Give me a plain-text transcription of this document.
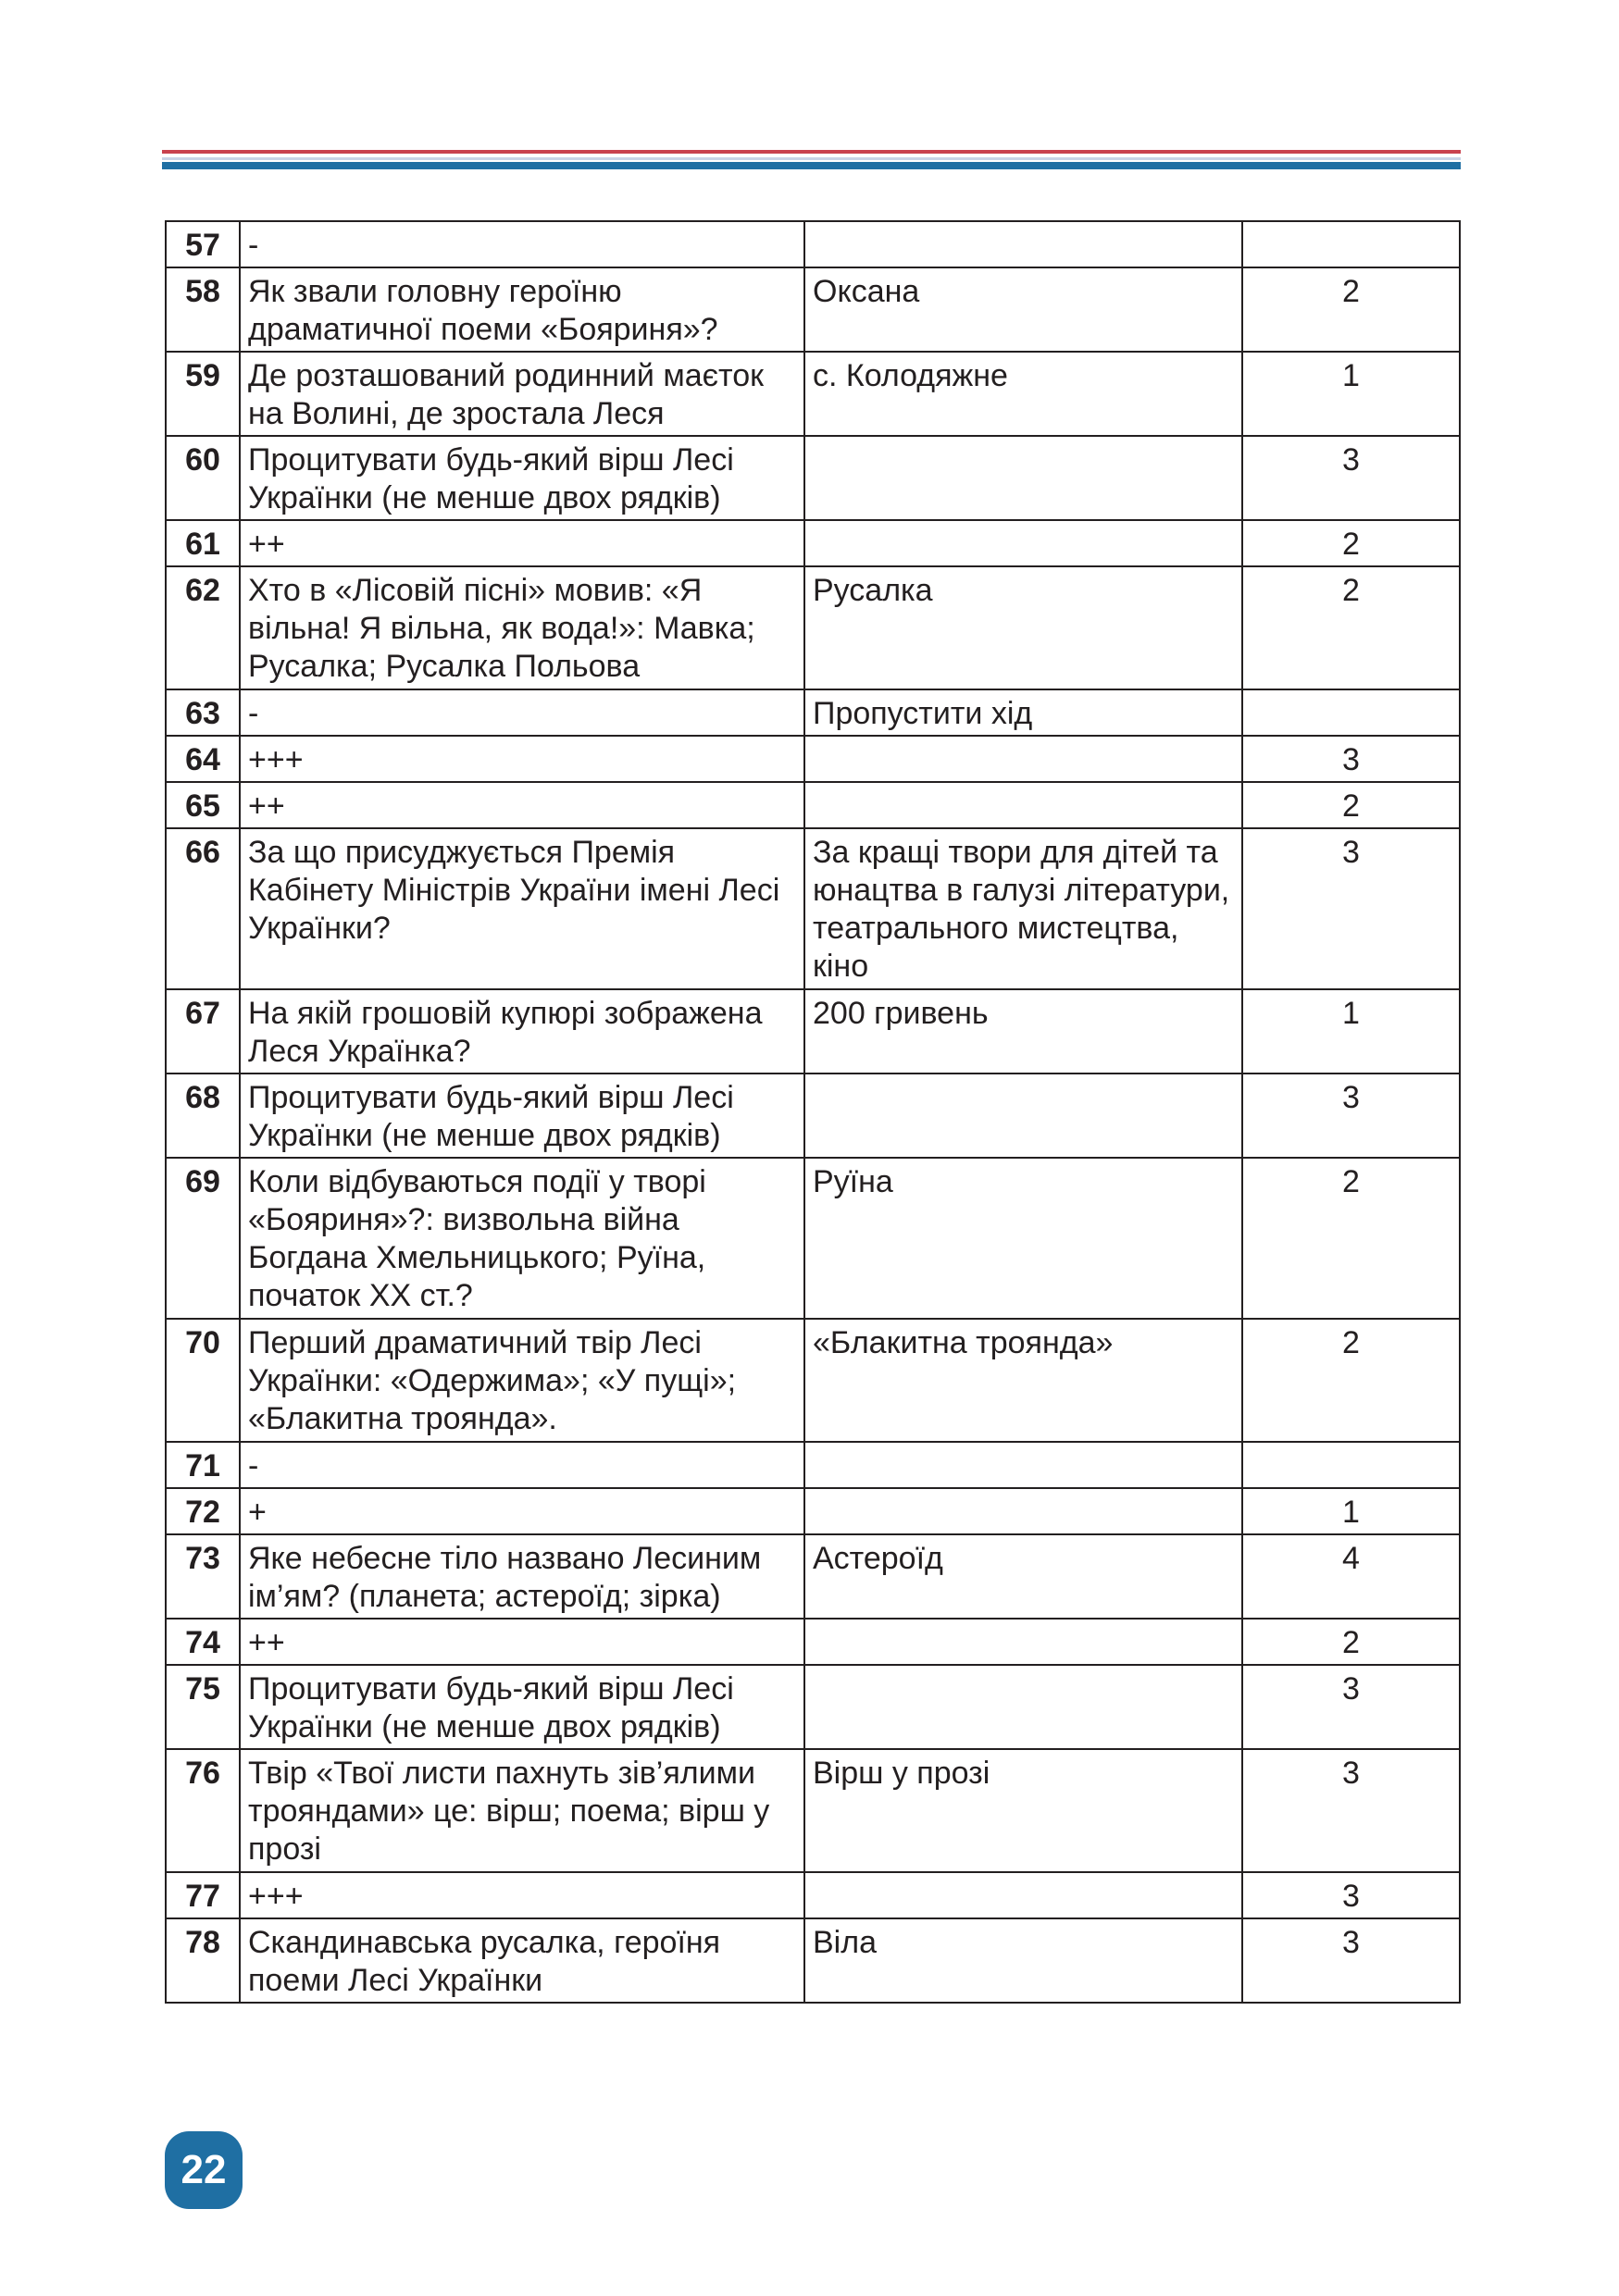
57	-		
58	Як звали головну героїню драматичної поеми «Бояриня»?	Оксана	2
59	Де розташований родинний маєток на Волині, де зростала Леся	с. Колодяжне	1
60	Процитувати будь-який вірш Лесі Українки (не менше двох рядків)		3
61	++		2
62	Хто в «Лісовій пісні» мовив: «Я вільна! Я вільна, як вода!»: Мавка; Русалка; Русалка Польова	Русалка	2
63	-	Пропустити хід	
64	+++		3
65	++		2
66	За що присуджується Премія Кабінету Міністрів України імені Лесі Українки?	За кращі твори для дітей та юнацтва в галузі літератури, театрального мистецтва, кіно	3
67	На якій грошовій купюрі зображена Леся Українка?	200 гривень	1
68	Процитувати будь-який вірш Лесі Українки (не менше двох рядків)		3
69	Коли відбуваються події у творі «Бояриня»?: визвольна війна Богдана Хмельницького; Руїна, початок XX ст.?	Руїна	2
70	Перший драматичний твір Лесі Українки: «Одержима»; «У пущі»; «Блакитна троянда».	«Блакитна троянда»	2
71	-		
72	+		1
73	Яке небесне тіло названо Лесиним ім’ям? (планета; астероїд; зірка)	Астероїд	4
74	++		2
75	Процитувати будь-який вірш Лесі Українки (не менше двох рядків)		3
76	Твір «Твої листи пахнуть зів’ялими трояндами» це: вірш; поема; вірш у прозі	Вірш у прозі	3
77	+++		3
78	Скандинавська русалка, героїня поеми Лесі Українки	Віла	3
22
